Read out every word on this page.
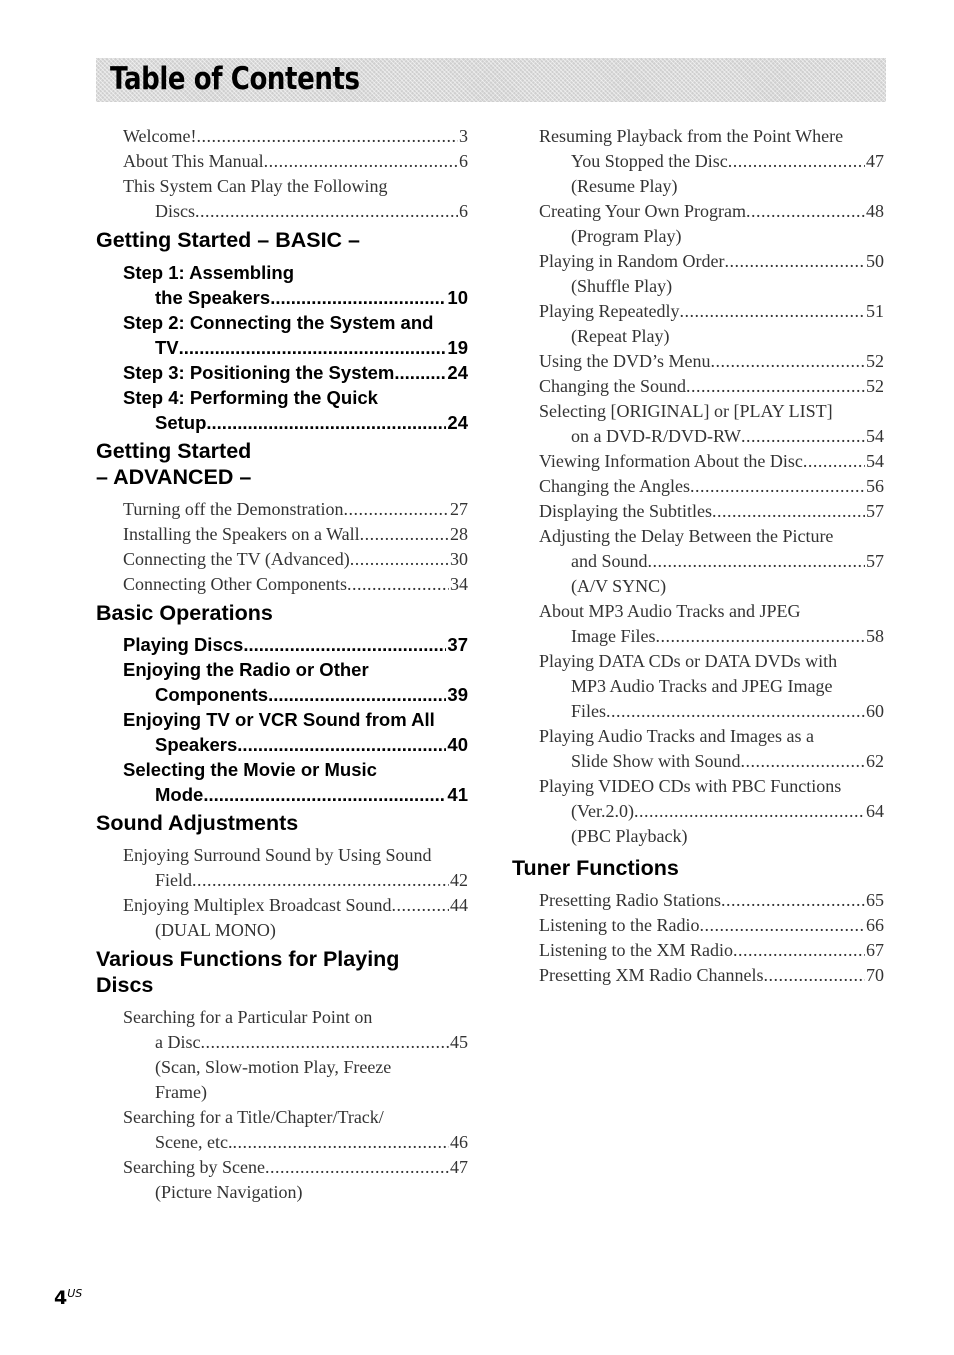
Table of Contents
Welcome! .....	3
About This Manual .....	6
This System Can Play the Following
Discs .....	6
Getting Started – BASIC –
Step 1: Assembling
the Speakers .....	10
Step 2: Connecting the System and
TV .....	19
Step 3: Positioning the System .....	24
Step 4: Performing the Quick
Setup .....	24
Getting Started
– ADVANCED –
Turning off the Demonstration .....	27
Installing the Speakers on a Wall .....	28
Connecting the TV (Advanced) .....	30
Connecting Other Components .....	34
Basic Operations
Playing Discs .....	37
Enjoying the Radio or Other
Components .....	39
Enjoying TV or VCR Sound from All
Speakers .....	40
Selecting the Movie or Music
Mode .....	41
Sound Adjustments
Enjoying Surround Sound by Using Sound
Field .....	42
Enjoying Multiplex Broadcast Sound .....	44
(DUAL MONO)
Various Functions for Playing
Discs
Searching for a Particular Point on
a Disc .....	45
(Scan, Slow-motion Play, Freeze
Frame)
Searching for a Title/Chapter/Track/
Scene, etc. .....	46
Searching by Scene .....	47
(Picture Navigation)
Resuming Playback from the Point Where
You Stopped the Disc .....	47
(Resume Play)
Creating Your Own Program .....	48
(Program Play)
Playing in Random Order .....	50
(Shuffle Play)
Playing Repeatedly .....	51
(Repeat Play)
Using the DVD’s Menu .....	52
Changing the Sound .....	52
Selecting [ORIGINAL] or [PLAY LIST]
on a DVD-R/DVD-RW .....	54
Viewing Information About the Disc .....	54
Changing the Angles .....	56
Displaying the Subtitles .....	57
Adjusting the Delay Between the Picture
and Sound .....	57
(A/V SYNC)
About MP3 Audio Tracks and JPEG
Image Files .....	58
Playing DATA CDs or DATA DVDs with
MP3 Audio Tracks and JPEG Image
Files .....	60
Playing Audio Tracks and Images as a
Slide Show with Sound .....	62
Playing VIDEO CDs with PBC Functions
(Ver.2.0) .....	64
(PBC Playback)
Tuner Functions
Presetting Radio Stations .....	65
Listening to the Radio .....	66
Listening to the XM Radio .....	67
Presetting XM Radio Channels .....	70
$4^{US}$
